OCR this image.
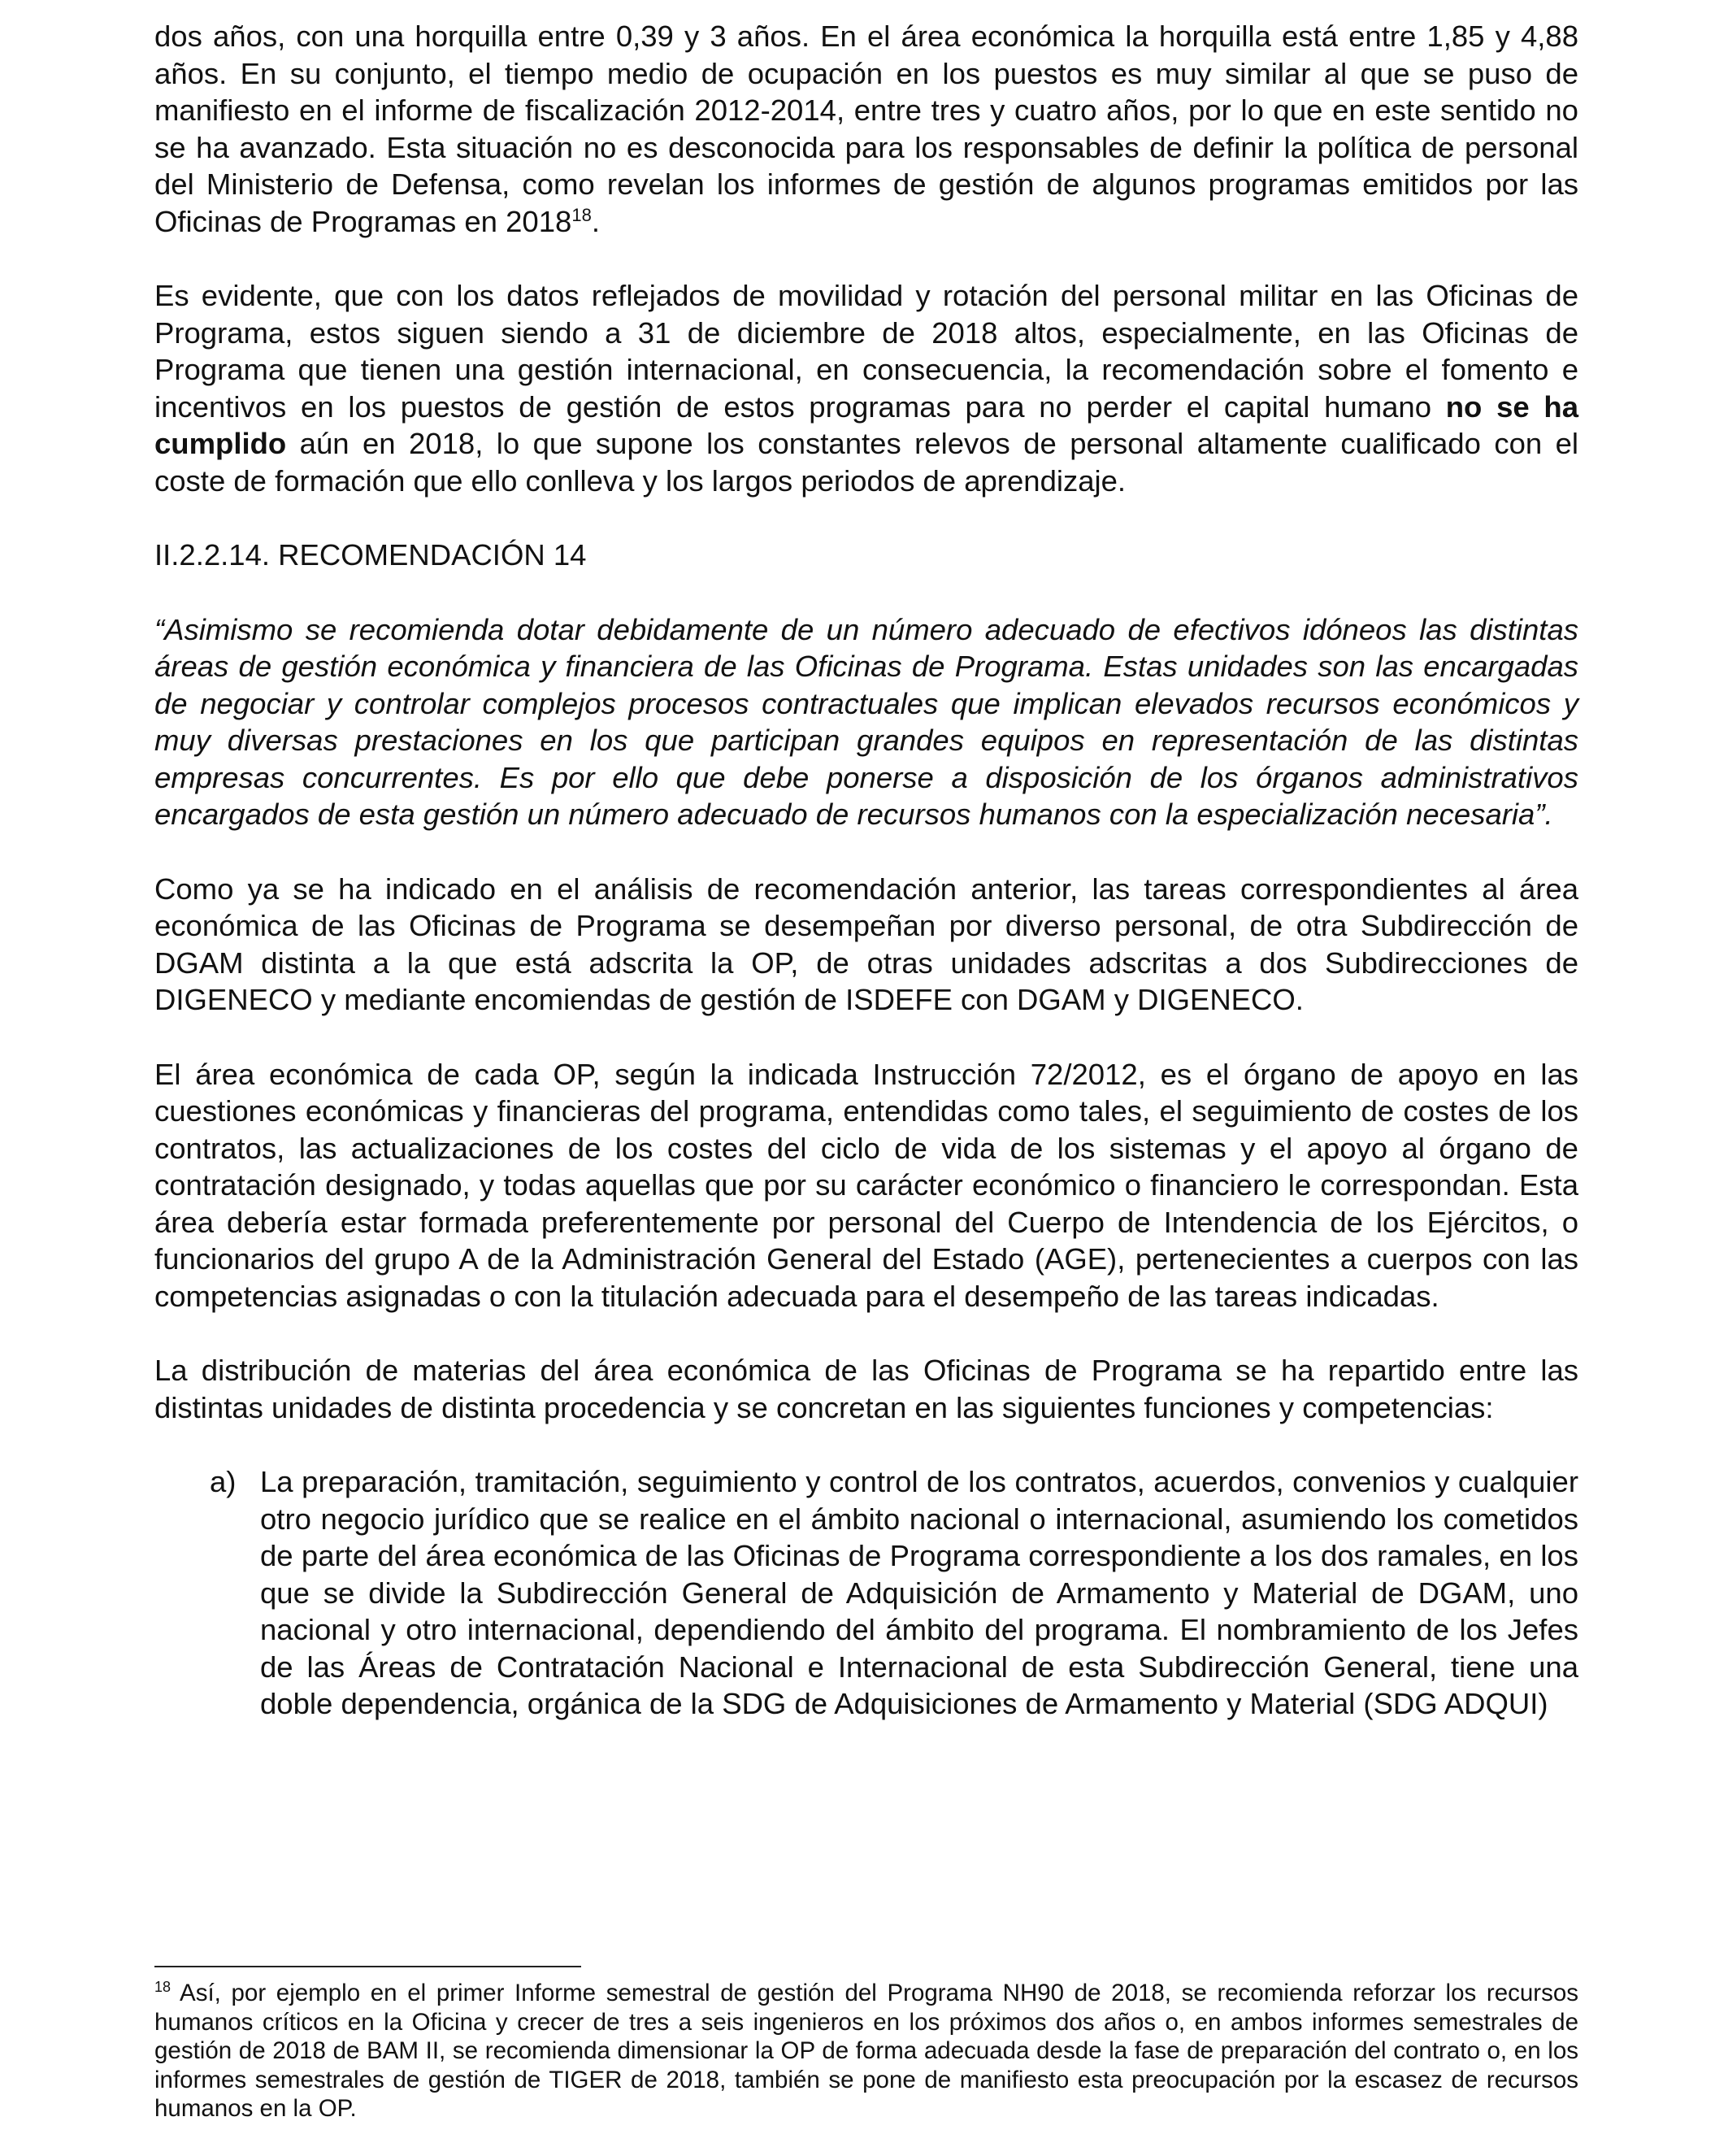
dos años, con una horquilla entre 0,39 y 3 años. En el área económica la horquilla está entre 1,85 y 4,88 años. En su conjunto, el tiempo medio de ocupación en los puestos es muy similar al que se puso de manifiesto en el informe de fiscalización 2012-2014, entre tres y cuatro años, por lo que en este sentido no se ha avanzado. Esta situación no es desconocida para los responsables de definir la política de personal del Ministerio de Defensa, como revelan los informes de gestión de algunos programas emitidos por las Oficinas de Programas en 2018$^{18}$.

Es evidente, que con los datos reflejados de movilidad y rotación del personal militar en las Oficinas de Programa, estos siguen siendo a 31 de diciembre de 2018 altos, especialmente, en las Oficinas de Programa que tienen una gestión internacional, en consecuencia, la recomendación sobre el fomento e incentivos en los puestos de gestión de estos programas para no perder el capital humano no se ha cumplido aún en 2018, lo que supone los constantes relevos de personal altamente cualificado con el coste de formación que ello conlleva y los largos periodos de aprendizaje.

II.2.2.14. RECOMENDACIÓN 14

“Asimismo se recomienda dotar debidamente de un número adecuado de efectivos idóneos las distintas áreas de gestión económica y financiera de las Oficinas de Programa. Estas unidades son las encargadas de negociar y controlar complejos procesos contractuales que implican elevados recursos económicos y muy diversas prestaciones en los que participan grandes equipos en representación de las distintas empresas concurrentes. Es por ello que debe ponerse a disposición de los órganos administrativos encargados de esta gestión un número adecuado de recursos humanos con la especialización necesaria”.

Como ya se ha indicado en el análisis de recomendación anterior, las tareas correspondientes al área económica de las Oficinas de Programa se desempeñan por diverso personal, de otra Subdirección de DGAM distinta a la que está adscrita la OP, de otras unidades adscritas a dos Subdirecciones de DIGENECO y mediante encomiendas de gestión de ISDEFE con DGAM y DIGENECO.

El área económica de cada OP, según la indicada Instrucción 72/2012, es el órgano de apoyo en las cuestiones económicas y financieras del programa, entendidas como tales, el seguimiento de costes de los contratos, las actualizaciones de los costes del ciclo de vida de los sistemas y el apoyo al órgano de contratación designado, y todas aquellas que por su carácter económico o financiero le correspondan. Esta área debería estar formada preferentemente por personal del Cuerpo de Intendencia de los Ejércitos, o funcionarios del grupo A de la Administración General del Estado (AGE), pertenecientes a cuerpos con las competencias asignadas o con la titulación adecuada para el desempeño de las tareas indicadas.

La distribución de materias del área económica de las Oficinas de Programa se ha repartido entre las distintas unidades de distinta procedencia y se concretan en las siguientes funciones y competencias:

a) La preparación, tramitación, seguimiento y control de los contratos, acuerdos, convenios y cualquier otro negocio jurídico que se realice en el ámbito nacional o internacional, asumiendo los cometidos de parte del área económica de las Oficinas de Programa correspondiente a los dos ramales, en los que se divide la Subdirección General de Adquisición de Armamento y Material de DGAM, uno nacional y otro internacional, dependiendo del ámbito del programa. El nombramiento de los Jefes de las Áreas de Contratación Nacional e Internacional de esta Subdirección General, tiene una doble dependencia, orgánica de la SDG de Adquisiciones de Armamento y Material (SDG ADQUI)

$^{18}$ Así, por ejemplo en el primer Informe semestral de gestión del Programa NH90 de 2018, se recomienda reforzar los recursos humanos críticos en la Oficina y crecer de tres a seis ingenieros en los próximos dos años o, en ambos informes semestrales de gestión de 2018 de BAM II, se recomienda dimensionar la OP de forma adecuada desde la fase de preparación del contrato o, en los informes semestrales de gestión de TIGER de 2018, también se pone de manifiesto esta preocupación por la escasez de recursos humanos en la OP.
